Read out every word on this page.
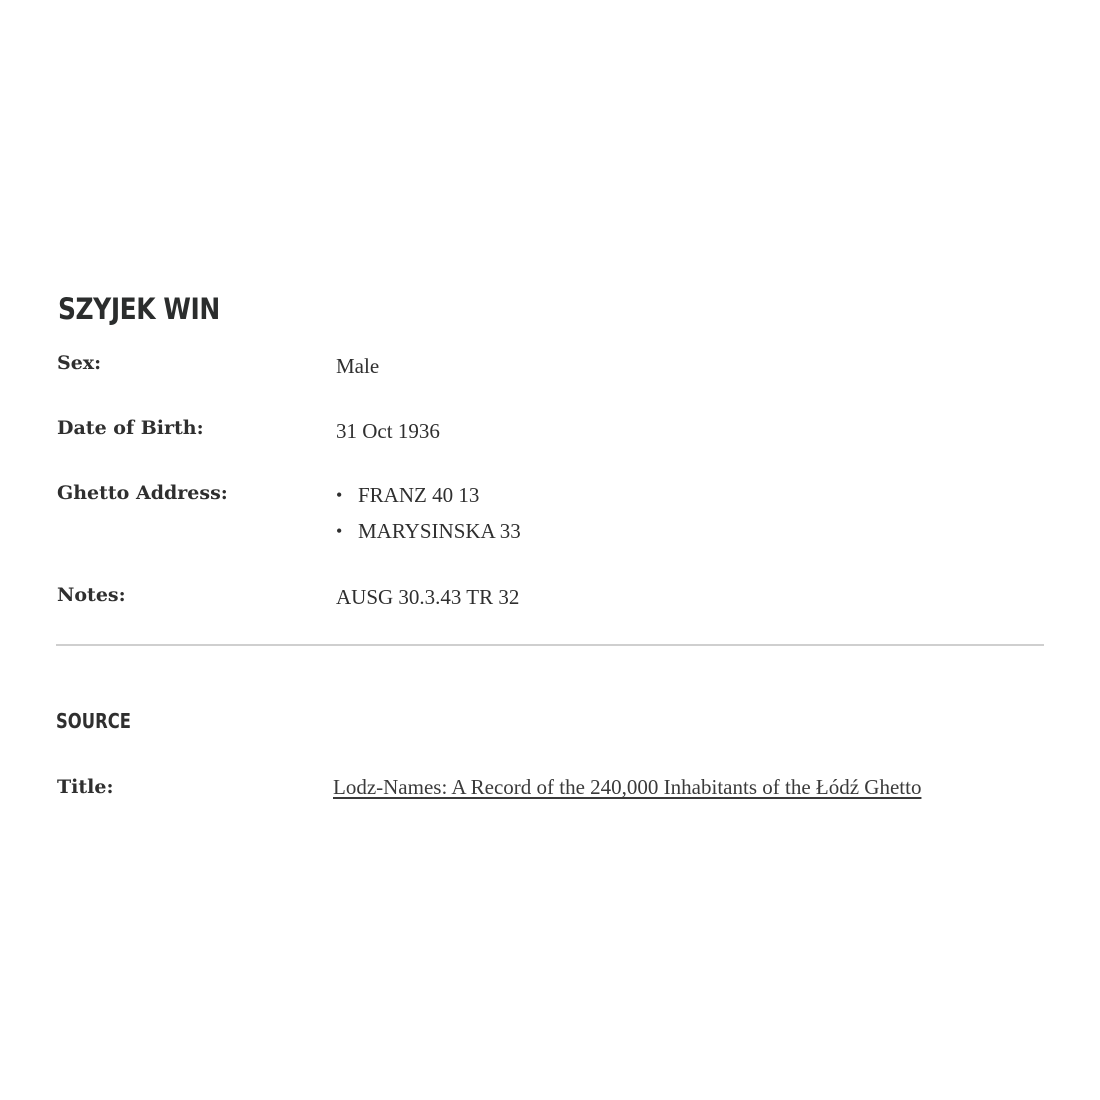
SZYJEK WIN

Sex:	Male

Date of Birth:	31 Oct 1936

Ghetto Address:	• FRANZ 40 13
• MARYSINSKA 33

Notes:	AUSG 30.3.43 TR 32

SOURCE

Title:	Lodz-Names: A Record of the 240,000 Inhabitants of the Łódź Ghetto
